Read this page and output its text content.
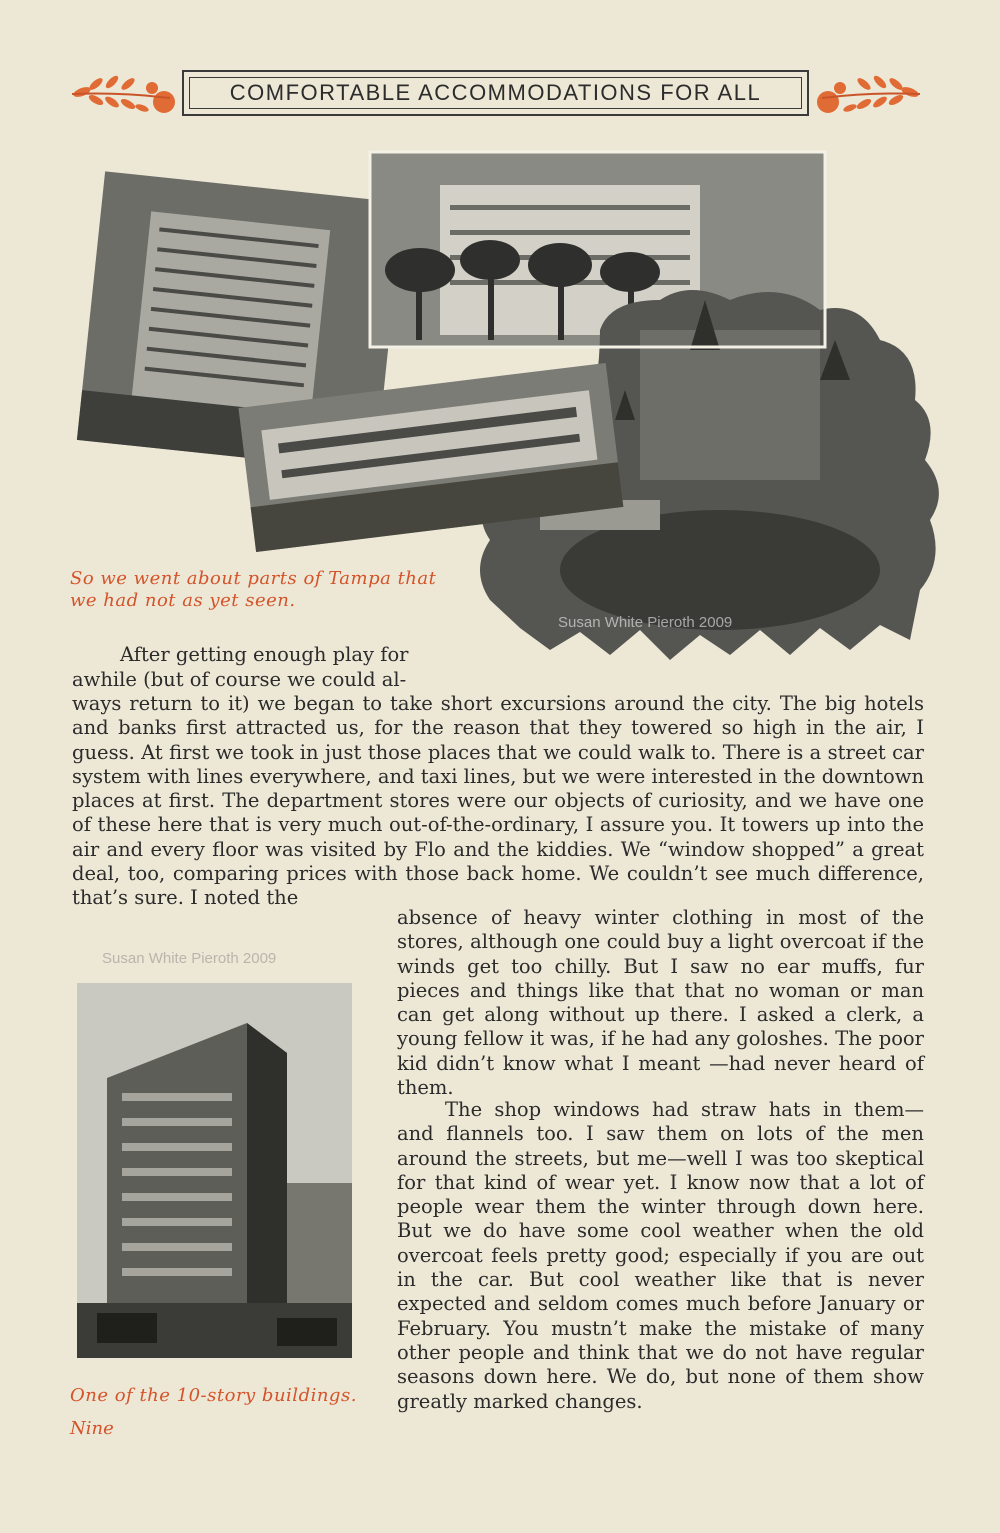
COMFORTABLE ACCOMMODATIONS FOR ALL
Susan White Pieroth 2009
So we went about parts of Tampa that we had not as yet seen.
Susan White Pieroth 2009
One of the 10-story buildings.

After getting enough play for

awhile (but of course we could al-

ways return to it) we began to take short excursions around the city. The big hotels and banks first attracted us, for the reason that they towered so high in the air, I guess. At first we took in just those places that we could walk to. There is a street car system with lines everywhere, and taxi lines, but we were interested in the downtown places at first. The department stores were our objects of curiosity, and we have one of these here that is very much out-of-the-ordinary, I assure you. It towers up into the air and every floor was visited by Flo and the kiddies. We “window shopped” a great deal, too, comparing prices with those back home. We couldn’t see much difference, that’s sure. I noted the

absence of heavy winter clothing in most of the stores, although one could buy a light overcoat if the winds get too chilly. But I saw no ear muffs, fur pieces and things like that that no woman or man can get along without up there. I asked a clerk, a young fellow it was, if he had any goloshes. The poor kid didn’t know what I meant —had never heard of them.

The shop windows had straw hats in them— and flannels too. I saw them on lots of the men around the streets, but me—well I was too skeptical for that kind of wear yet. I know now that a lot of people wear them the winter through down here. But we do have some cool weather when the old overcoat feels pretty good; especially if you are out in the car. But cool weather like that is never expected and seldom comes much before January or February. You mustn’t make the mistake of many other people and think that we do not have regular seasons down here. We do, but none of them show greatly marked changes.

Nine
